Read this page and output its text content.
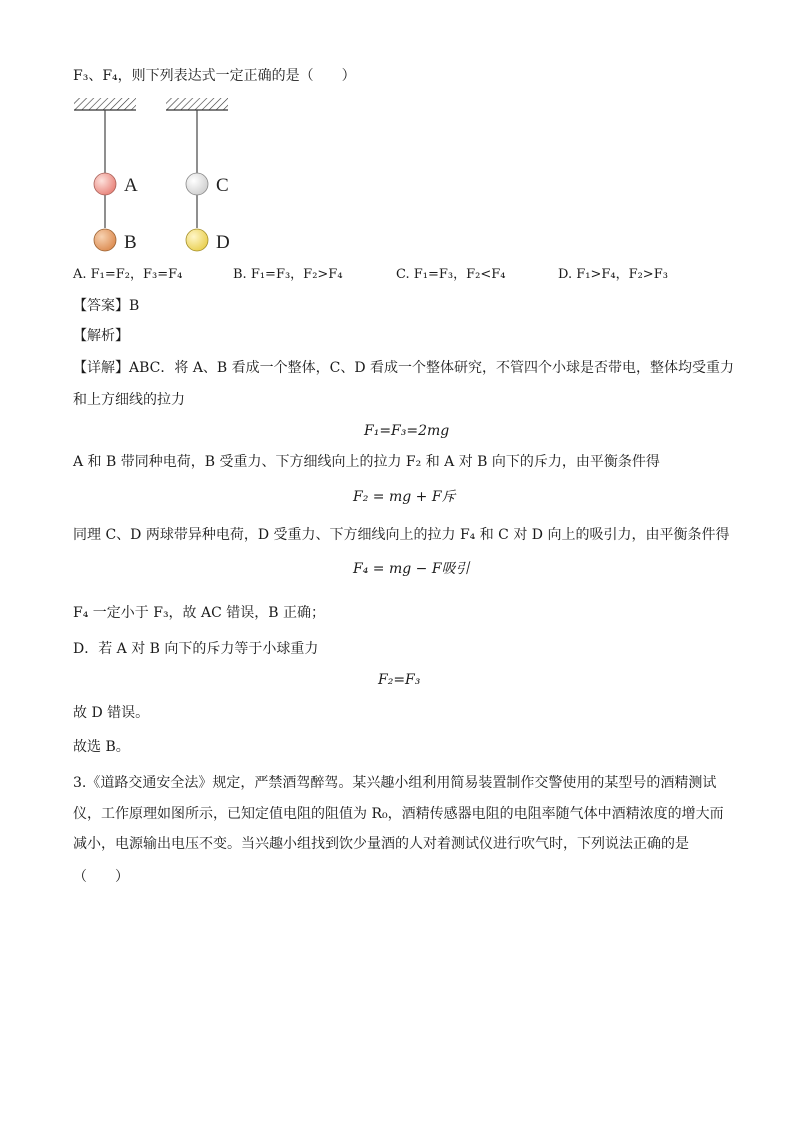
F₃、F₄，则下列表达式一定正确的是（　　）
A
B
C
D
A. F₁=F₂，F₃=F₄	B. F₁=F₃，F₂>F₄	C. F₁=F₃，F₂<F₄	D. F₁>F₄，F₂>F₃
【答案】B
【解析】
【详解】ABC．将 A、B 看成一个整体，C、D 看成一个整体研究，不管四个小球是否带电，整体均受重力
和上方细线的拉力
F₁=F₃=2mg
A 和 B 带同种电荷，B 受重力、下方细线向上的拉力 F₂ 和 A 对 B 向下的斥力，由平衡条件得
F₂ = mg + F斥
同理 C、D 两球带异种电荷，D 受重力、下方细线向上的拉力 F₄ 和 C 对 D 向上的吸引力，由平衡条件得
F₄ = mg − F吸引
F₄ 一定小于 F₃，故 AC 错误，B 正确；
D．若 A 对 B 向下的斥力等于小球重力
F₂=F₃
故 D 错误。
故选 B。
3.《道路交通安全法》规定，严禁酒驾醉驾。某兴趣小组利用简易装置制作交警使用的某型号的酒精测试
仪，工作原理如图所示，已知定值电阻的阻值为 R₀，酒精传感器电阻的电阻率随气体中酒精浓度的增大而
减小，电源输出电压不变。当兴趣小组找到饮少量酒的人对着测试仪进行吹气时，下列说法正确的是
（　　）
